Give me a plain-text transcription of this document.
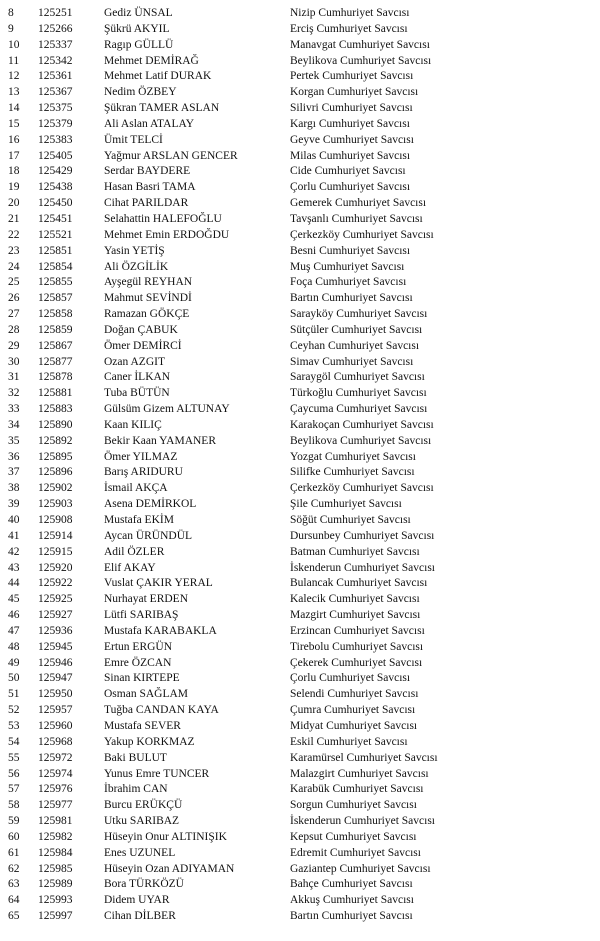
8 125251	Gediz ÜNSAL	Nizip Cumhuriyet Savcısı
9 125266	Şükrü AKYIL	Erciş Cumhuriyet Savcısı
10 125337	Ragıp GÜLLÜ	Manavgat Cumhuriyet Savcısı
11 125342	Mehmet DEMİRAĞ	Beylikova Cumhuriyet Savcısı
12 125361	Mehmet Latif DURAK	Pertek Cumhuriyet Savcısı
13 125367	Nedim ÖZBEY	Korgan Cumhuriyet Savcısı
14 125375	Şükran TAMER ASLAN	Silivri Cumhuriyet Savcısı
15 125379	Ali Aslan ATALAY	Kargı Cumhuriyet Savcısı
16 125383	Ümit TELCİ	Geyve Cumhuriyet Savcısı
17 125405	Yağmur ARSLAN GENCER	Milas Cumhuriyet Savcısı
18 125429	Serdar BAYDERE	Cide Cumhuriyet Savcısı
19 125438	Hasan Basri TAMA	Çorlu Cumhuriyet Savcısı
20 125450	Cihat PARILDAR	Gemerek Cumhuriyet Savcısı
21 125451	Selahattin HALEFOĞLU	Tavşanlı Cumhuriyet Savcısı
22 125521	Mehmet Emin ERDOĞDU	Çerkezköy Cumhuriyet Savcısı
23 125851	Yasin YETİŞ	Besni Cumhuriyet Savcısı
24 125854	Ali ÖZGİLİK	Muş Cumhuriyet Savcısı
25 125855	Ayşegül REYHAN	Foça Cumhuriyet Savcısı
26 125857	Mahmut SEVİNDİ	Bartın Cumhuriyet Savcısı
27 125858	Ramazan GÖKÇE	Sarayköy Cumhuriyet Savcısı
28 125859	Doğan ÇABUK	Sütçüler Cumhuriyet Savcısı
29 125867	Ömer DEMİRCİ	Ceyhan Cumhuriyet Savcısı
30 125877	Ozan AZGIT	Simav Cumhuriyet Savcısı
31 125878	Caner İLKAN	Saraygöl Cumhuriyet Savcısı
32 125881	Tuba BÜTÜN	Türkoğlu Cumhuriyet Savcısı
33 125883	Gülsüm Gizem ALTUNAY	Çaycuma Cumhuriyet Savcısı
34 125890	Kaan KILIÇ	Karakoçan Cumhuriyet Savcısı
35 125892	Bekir Kaan YAMANER	Beylikova Cumhuriyet Savcısı
36 125895	Ömer YILMAZ	Yozgat Cumhuriyet Savcısı
37 125896	Barış ARIDURU	Silifke Cumhuriyet Savcısı
38 125902	İsmail AKÇA	Çerkezköy Cumhuriyet Savcısı
39 125903	Asena DEMİRKOL	Şile Cumhuriyet Savcısı
40 125908	Mustafa EKİM	Söğüt Cumhuriyet Savcısı
41 125914	Aycan ÜRÜNDÜL	Dursunbey Cumhuriyet Savcısı
42 125915	Adil ÖZLER	Batman Cumhuriyet Savcısı
43 125920	Elif AKAY	İskenderun Cumhuriyet Savcısı
44 125922	Vuslat ÇAKIR YERAL	Bulancak Cumhuriyet Savcısı
45 125925	Nurhayat ERDEN	Kalecik Cumhuriyet Savcısı
46 125927	Lütfi SARIBAŞ	Mazgirt Cumhuriyet Savcısı
47 125936	Mustafa KARABAKLA	Erzincan Cumhuriyet Savcısı
48 125945	Ertun ERGÜN	Tirebolu Cumhuriyet Savcısı
49 125946	Emre ÖZCAN	Çekerek Cumhuriyet Savcısı
50 125947	Sinan KIRTEPE	Çorlu Cumhuriyet Savcısı
51 125950	Osman SAĞLAM	Selendi Cumhuriyet Savcısı
52 125957	Tuğba CANDAN KAYA	Çumra Cumhuriyet Savcısı
53 125960	Mustafa SEVER	Midyat Cumhuriyet Savcısı
54 125968	Yakup KORKMAZ	Eskil Cumhuriyet Savcısı
55 125972	Baki BULUT	Karamürsel Cumhuriyet Savcısı
56 125974	Yunus Emre TUNCER	Malazgirt Cumhuriyet Savcısı
57 125976	İbrahim CAN	Karabük Cumhuriyet Savcısı
58 125977	Burcu ERÜKÇÜ	Sorgun Cumhuriyet Savcısı
59 125981	Utku SARIBAZ	İskenderun Cumhuriyet Savcısı
60 125982	Hüseyin Onur ALTINIŞIK	Kepsut Cumhuriyet Savcısı
61 125984	Enes UZUNEL	Edremit Cumhuriyet Savcısı
62 125985	Hüseyin Ozan ADIYAMAN	Gaziantep Cumhuriyet Savcısı
63 125989	Bora TÜRKÖZÜ	Bahçe Cumhuriyet Savcısı
64 125993	Didem UYAR	Akkuş Cumhuriyet Savcısı
65 125997	Cihan DİLBER	Bartın Cumhuriyet Savcısı
